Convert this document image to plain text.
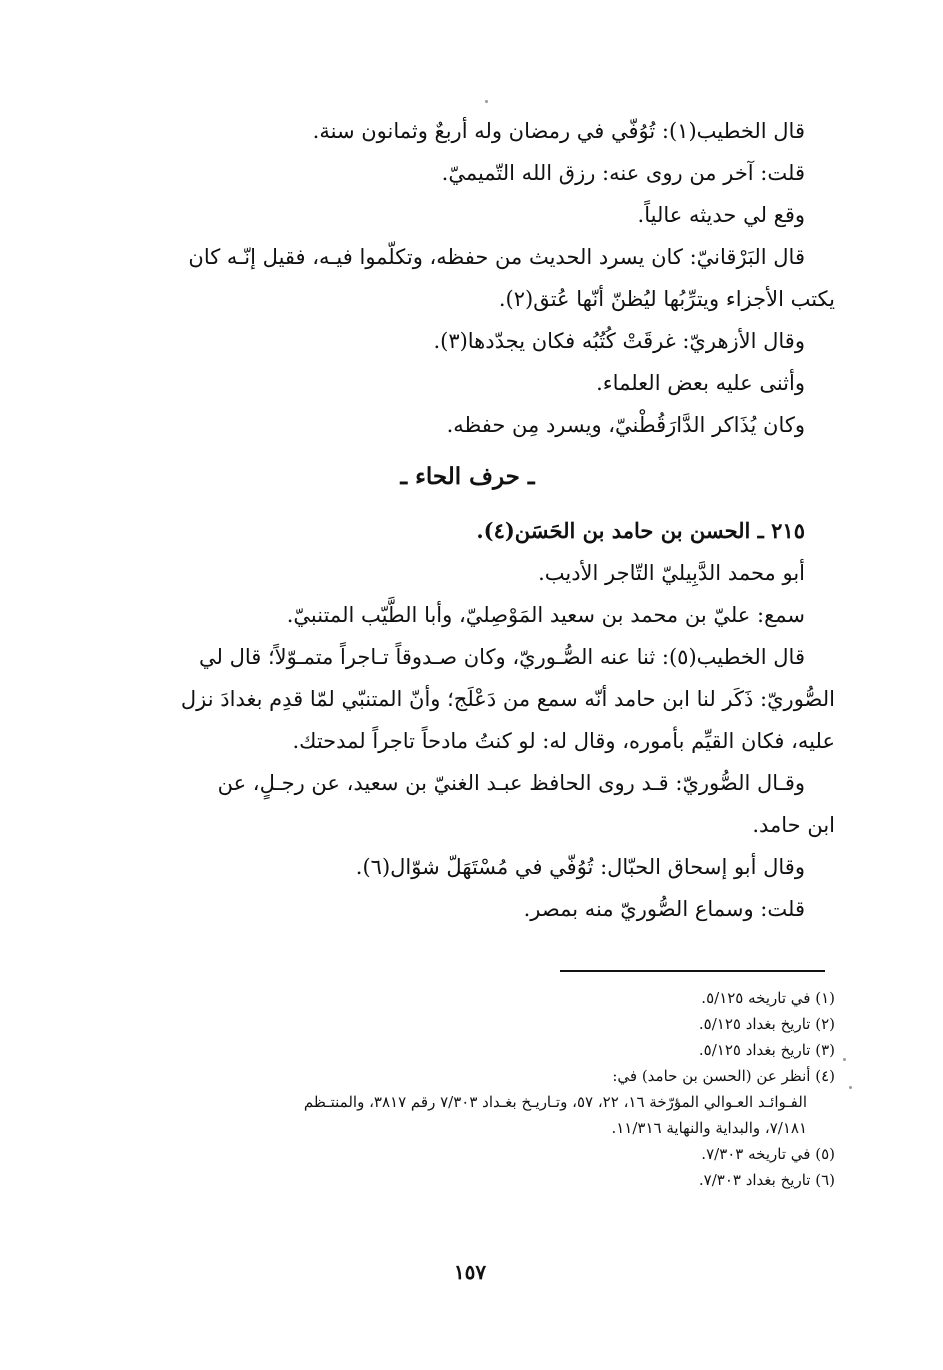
قال الخطيب(١): تُوُفّي في رمضان وله أربعٌ وثمانون سنة.
قلت: آخر من روى عنه: رزق الله التّميميّ.
وقع لي حديثه عالياً.
قال البَرْقانيّ: كان يسرد الحديث من حفظه، وتكلّموا فيـه، فقيل إنّـه كان
يكتب الأجزاء ويترِّبُها ليُظنّ أنّها عُتق(٢).
وقال الأزهريّ: غرقَتْ كُتُبُه فكان يجدّدها(٣).
وأثنى عليه بعض العلماء.
وكان يُذَاكر الدَّارَقُطْنيّ، ويسرد مِن حفظه.
ـ حرف الحاء ـ
٢١٥ ـ الحسن بن حامد بن الحَسَن(٤).
أبو محمد الدَّبِيليّ التّاجر الأديب.
سمع: عليّ بن محمد بن سعيد المَوْصِليّ، وأبا الطَّيّب المتنبيّ.
قال الخطيب(٥): ثنا عنه الصُّـوريّ، وكان صـدوقاً تـاجراً متمـوّلاً؛ قال لي
الصُّوريّ: ذَكَر لنا ابن حامد أنّه سمع من دَعْلَج؛ وأنّ المتنبّي لمّا قدِم بغدادَ نزل
عليه، فكان القيِّم بأموره، وقال له: لو كنتُ مادحاً تاجراً لمدحتك.
وقـال الصُّوريّ: قـد روى الحافظ عبـد الغنيّ بن سعيد، عن رجـلٍ، عن
ابن حامد.
وقال أبو إسحاق الحبّال: تُوُفّي في مُسْتَهَلّ شوّال(٦).
قلت: وسماع الصُّوريّ منه بمصر.
(١) في تاريخه ٥/١٢٥.
(٢) تاريخ بغداد ٥/١٢٥.
(٣) تاريخ بغداد ٥/١٢٥.
(٤) أنظر عن (الحسن بن حامد) في:
الفـوائـد العـوالي المؤرّخة ١٦، ٢٢، ٥٧، وتـاريـخ بغـداد ٧/٣٠٣ رقم ٣٨١٧، والمنتـظم
٧/١٨١، والبداية والنهاية ١١/٣١٦.
(٥) في تاريخه ٧/٣٠٣.
(٦) تاريخ بغداد ٧/٣٠٣.
١٥٧
